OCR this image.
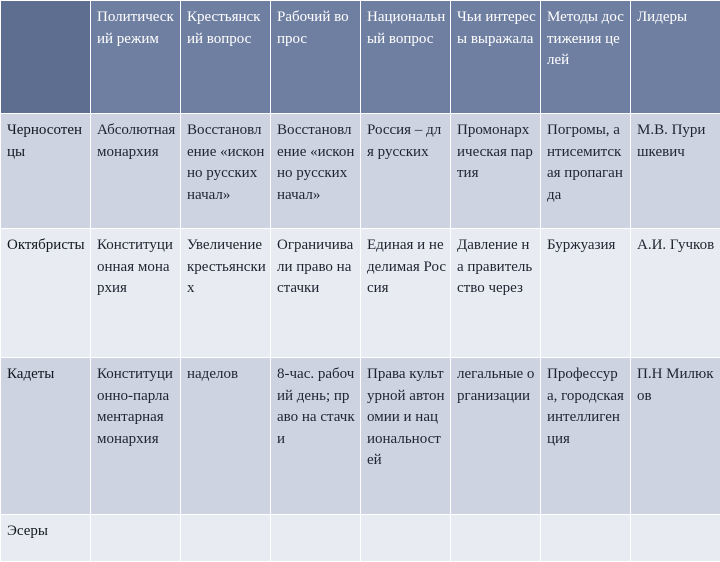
	Политический режим	Крестьянский вопрос	Рабочий вопрос	Национальный вопрос	Чьи интересы выражала	Методы достижения целей	Лидеры
Черносотенцы	Абсолютная монархия	Восстановление «исконно русских начал»	Восстановление «исконно русских начал»	Россия – для русских	Промонархическая партия	Погромы, антисемитская пропаганда	М.В. Пуришкевич
Октябристы	Конституционная монархия	Увеличение крестьянских	Ограничивали право на стачки	Единая и неделимая Россия	Давление на правительство через	Буржуазия	А.И. Гучков
Кадеты	Конституционно-парламентарная монархия	наделов	8-час. рабочий день; право на стачки	Права культурной автономии и национальностей	легальные организации	Профессура, городская интеллигенция	П.Н Милюков
Эсеры							
